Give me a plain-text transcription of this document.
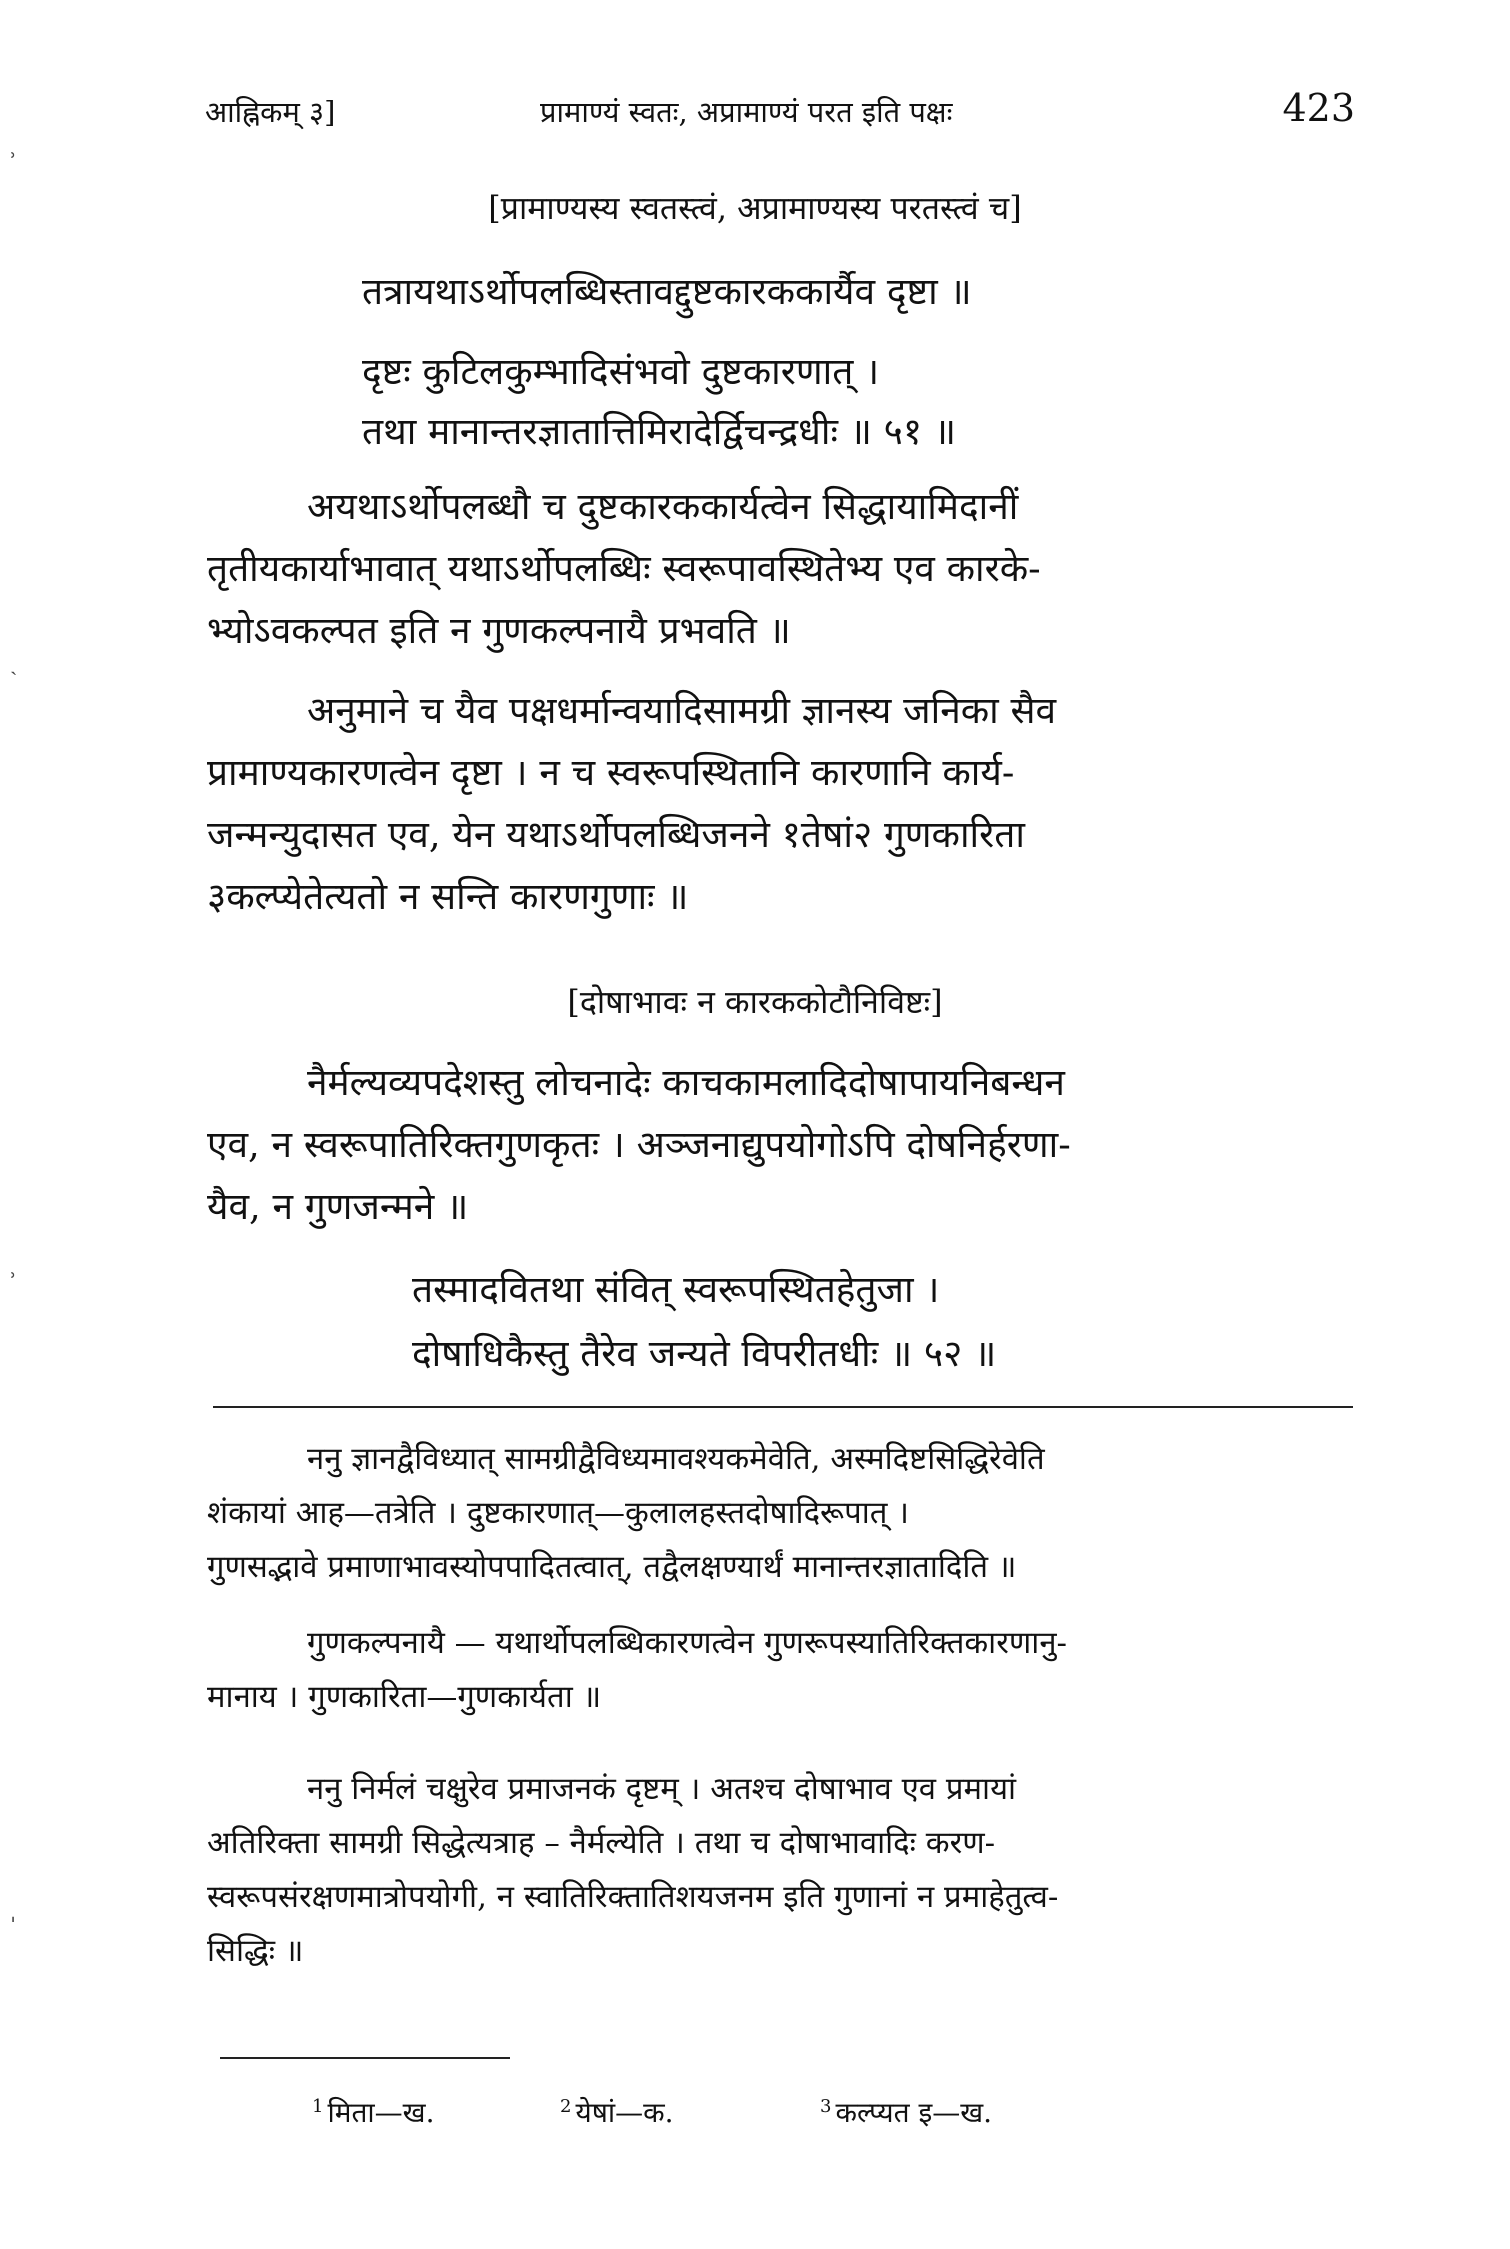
ʾ
ˎ
ʾ
ˌ
आह्निकम् ३]	प्रामाण्यं स्वतः, अप्रामाण्यं परत इति पक्षः	423
[प्रामाण्यस्य स्वतस्त्वं, अप्रामाण्यस्य परतस्त्वं च]
तत्रायथाऽर्थोपलब्धिस्तावद्दुष्टकारककार्यैव दृष्टा ॥
दृष्टः कुटिलकुम्भादिसंभवो दुष्टकारणात् ।
तथा मानान्तरज्ञातात्तिमिरादेर्द्विचन्द्रधीः ॥ ५१ ॥
अयथाऽर्थोपलब्धौ च दुष्टकारककार्यत्वेन सिद्धायामिदानीं
तृतीयकार्याभावात् यथाऽर्थोपलब्धिः स्वरूपावस्थितेभ्य एव कारके-
भ्योऽवकल्पत इति न गुणकल्पनायै प्रभवति ॥
अनुमाने च यैव पक्षधर्मान्वयादिसामग्री ज्ञानस्य जनिका सैव
प्रामाण्यकारणत्वेन दृष्टा । न च स्वरूपस्थितानि कारणानि कार्य-
जन्मन्युदासत एव, येन यथाऽर्थोपलब्धिजनने १तेषां२ गुणकारिता
३कल्प्येतेत्यतो न सन्ति कारणगुणाः ॥
[दोषाभावः न कारककोटौनिविष्टः]
नैर्मल्यव्यपदेशस्तु लोचनादेः काचकामलादिदोषापायनिबन्धन
एव, न स्वरूपातिरिक्तगुणकृतः । अञ्जनाद्युपयोगोऽपि दोषनिर्हरणा-
यैव, न गुणजन्मने ॥
तस्मादवितथा संवित् स्वरूपस्थितहेतुजा ।
दोषाधिकैस्तु तैरेव जन्यते विपरीतधीः ॥ ५२ ॥
ननु ज्ञानद्वैविध्यात् सामग्रीद्वैविध्यमावश्यकमेवेति, अस्मदिष्टसिद्धिरेवेति
शंकायां आह—तत्रेति । दुष्टकारणात्—कुलालहस्तदोषादिरूपात् ।
गुणसद्भावे प्रमाणाभावस्योपपादितत्वात्, तद्वैलक्षण्यार्थं मानान्तरज्ञातादिति ॥
गुणकल्पनायै — यथार्थोपलब्धिकारणत्वेन गुणरूपस्यातिरिक्तकारणानु-
मानाय । गुणकारिता—गुणकार्यता ॥
ननु निर्मलं चक्षुरेव प्रमाजनकं दृष्टम् । अतश्च दोषाभाव एव प्रमायां
अतिरिक्ता सामग्री सिद्धेत्यत्राह – नैर्मल्येति । तथा च दोषाभावादिः करण-
स्वरूपसंरक्षणमात्रोपयोगी, न स्वातिरिक्तातिशयजनम इति गुणानां न प्रमाहेतुत्व-
सिद्धिः ॥
$^1$ मिता—ख.	$^2$ येषां—क.	$^3$ कल्प्यत इ—ख.
